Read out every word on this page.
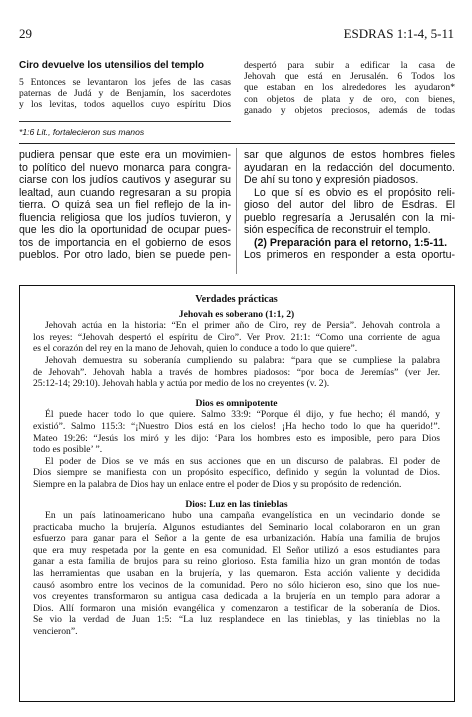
29	ESDRAS 1:1-4, 5-11
Ciro devuelve los utensilios del templo
5 Entonces se levantaron los jefes de las casas
paternas de Judá y de Benjamín, los sacerdotes
y los levitas, todos aquellos cuyo espíritu Dios
despertó para subir a edificar la casa de
Jehovah que está en Jerusalén. 6 Todos los
que estaban en los alrededores les ayudaron*
con objetos de plata y de oro, con bienes,
ganado y objetos preciosos, además de todas
*1:6 Lit., fortalecieron sus manos
pudiera pensar que este era un movimien-
to político del nuevo monarca para congra-
ciarse con los judíos cautivos y asegurar su
lealtad, aun cuando regresaran a su propia
tierra. O quizá sea un fiel reflejo de la in-
fluencia religiosa que los judíos tuvieron, y
que les dio la oportunidad de ocupar pues-
tos de importancia en el gobierno de esos
pueblos. Por otro lado, bien se puede pen-
sar que algunos de estos hombres fieles
ayudaran en la redacción del documento.
De ahí su tono y expresión piadosos.
Lo que sí es obvio es el propósito reli-
gioso del autor del libro de Esdras. El
pueblo regresaría a Jerusalén con la mi-
sión específica de reconstruir el templo.
(2) Preparación para el retorno, 1:5-11.
Los primeros en responder a esta oportu-
Verdades prácticas
Jehovah es soberano (1:1, 2)
Jehovah actúa en la historia: “En el primer año de Ciro, rey de Persia”. Jehovah controla a
los reyes: “Jehovah despertó el espíritu de Ciro”. Ver Prov. 21:1: “Como una corriente de agua
es el corazón del rey en la mano de Jehovah, quien lo conduce a todo lo que quiere”.
Jehovah demuestra su soberanía cumpliendo su palabra: “para que se cumpliese la palabra
de Jehovah”. Jehovah habla a través de hombres piadosos: “por boca de Jeremías” (ver Jer.
25:12-14; 29:10). Jehovah habla y actúa por medio de los no creyentes (v. 2).
Dios es omnipotente
Él puede hacer todo lo que quiere. Salmo 33:9: “Porque él dijo, y fue hecho; él mandó, y
existió”. Salmo 115:3: “¡Nuestro Dios está en los cielos! ¡Ha hecho todo lo que ha querido!”.
Mateo 19:26: “Jesús los miró y les dijo: ‘Para los hombres esto es imposible, pero para Dios
todo es posible’ ”.
El poder de Dios se ve más en sus acciones que en un discurso de palabras. El poder de
Dios siempre se manifiesta con un propósito específico, definido y según la voluntad de Dios.
Siempre en la palabra de Dios hay un enlace entre el poder de Dios y su propósito de redención.
Dios: Luz en las tinieblas
En un país latinoamericano hubo una campaña evangelística en un vecindario donde se
practicaba mucho la brujería. Algunos estudiantes del Seminario local colaboraron en un gran
esfuerzo para ganar para el Señor a la gente de esa urbanización. Había una familia de brujos
que era muy respetada por la gente en esa comunidad. El Señor utilizó a esos estudiantes para
ganar a esta familia de brujos para su reino glorioso. Esta familia hizo un gran montón de todas
las herramientas que usaban en la brujería, y las quemaron. Esta acción valiente y decidida
causó asombro entre los vecinos de la comunidad. Pero no sólo hicieron eso, sino que los nue-
vos creyentes transformaron su antigua casa dedicada a la brujería en un templo para adorar a
Dios. Allí formaron una misión evangélica y comenzaron a testificar de la soberanía de Dios.
Se vio la verdad de Juan 1:5: “La luz resplandece en las tinieblas, y las tinieblas no la
vencieron”.
